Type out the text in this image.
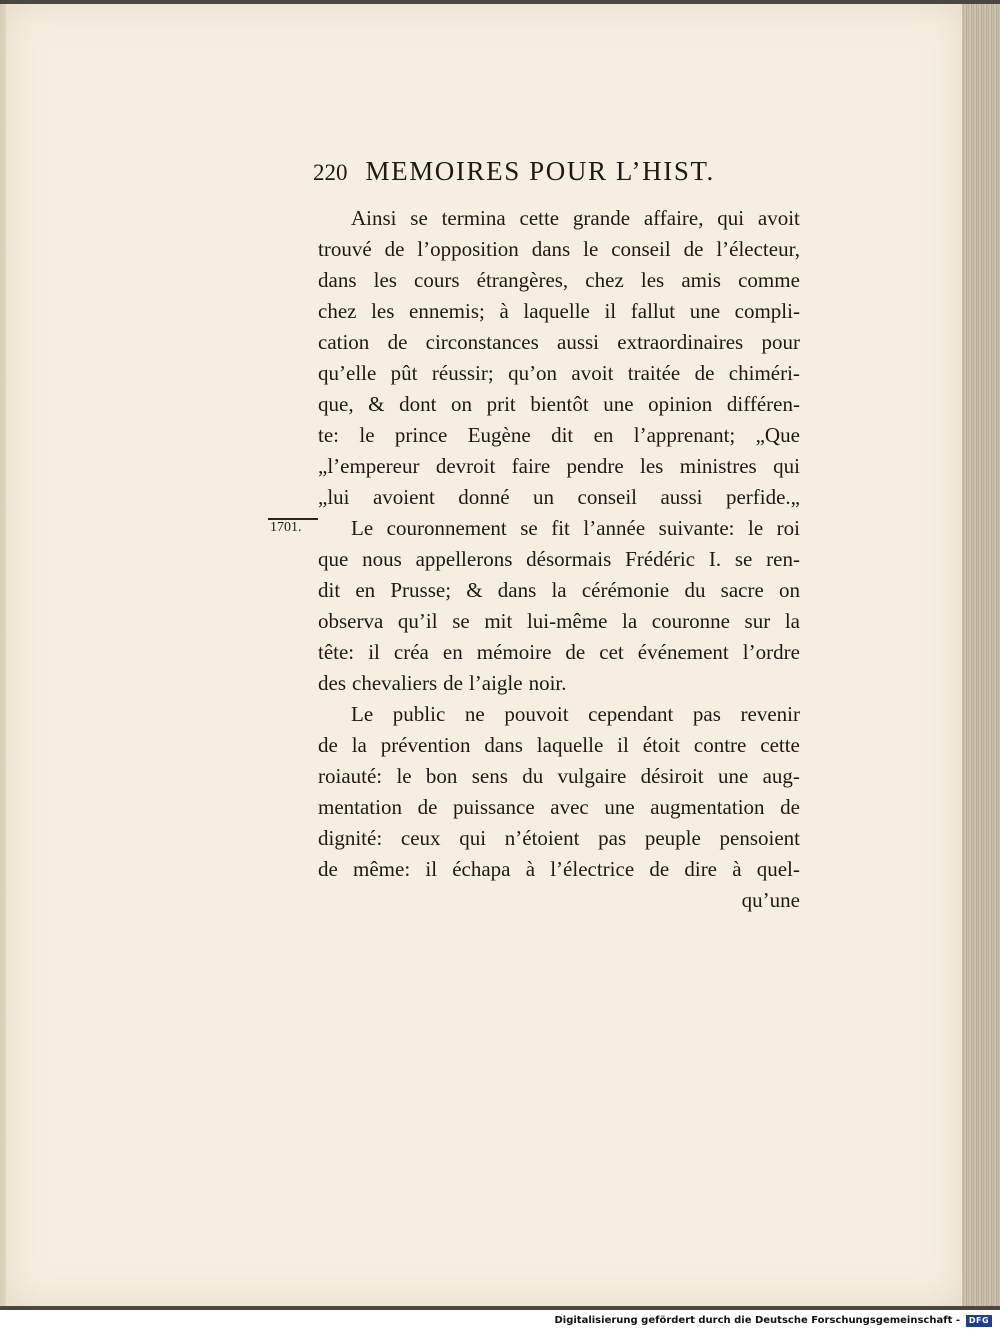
220 MEMOIRES POUR L’HIST.
1701.
Ainsi se termina cette grande affaire, qui avoit
trouvé de l’opposition dans le conseil de l’électeur,
dans les cours étrangères, chez les amis comme
chez les ennemis; à laquelle il fallut une compli-
cation de circonstances aussi extraordinaires pour
qu’elle pût réussir; qu’on avoit traitée de chiméri-
que, & dont on prit bientôt une opinion différen-
te: le prince Eugène dit en l’apprenant; „Que
„l’empereur devroit faire pendre les ministres qui
„lui avoient donné un conseil aussi perfide.„
Le couronnement se fit l’année suivante: le roi
que nous appellerons désormais Frédéric I. se ren-
dit en Prusse; & dans la cérémonie du sacre on
observa qu’il se mit lui-même la couronne sur la
tête: il créa en mémoire de cet événement l’ordre
des chevaliers de l’aigle noir.
Le public ne pouvoit cependant pas revenir
de la prévention dans laquelle il étoit contre cette
roiauté: le bon sens du vulgaire désiroit une aug-
mentation de puissance avec une augmentation de
dignité: ceux qui n’étoient pas peuple pensoient
de même: il échapa à l’électrice de dire à quel-
qu’une
Digitalisierung gefördert durch die Deutsche Forschungsgemeinschaft -	DFG
